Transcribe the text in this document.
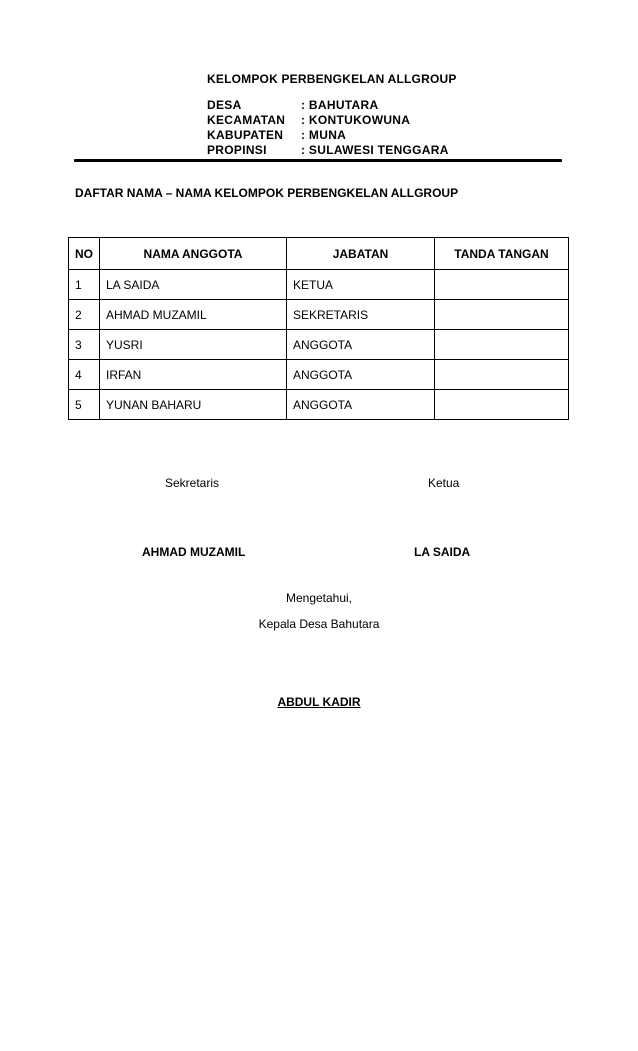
KELOMPOK PERBENGKELAN ALLGROUP
DESA	: BAHUTARA
KECAMATAN	: KONTUKOWUNA
KABUPATEN	: MUNA
PROPINSI	: SULAWESI TENGGARA
DAFTAR NAMA – NAMA KELOMPOK PERBENGKELAN ALLGROUP
NO	NAMA ANGGOTA	JABATAN	TANDA TANGAN
1	LA SAIDA	KETUA	
2	AHMAD MUZAMIL	SEKRETARIS	
3	YUSRI	ANGGOTA	
4	IRFAN	ANGGOTA	
5	YUNAN BAHARU	ANGGOTA	
Sekretaris	Ketua
AHMAD MUZAMIL	LA SAIDA
Mengetahui,
Kepala Desa Bahutara
ABDUL KADIR
